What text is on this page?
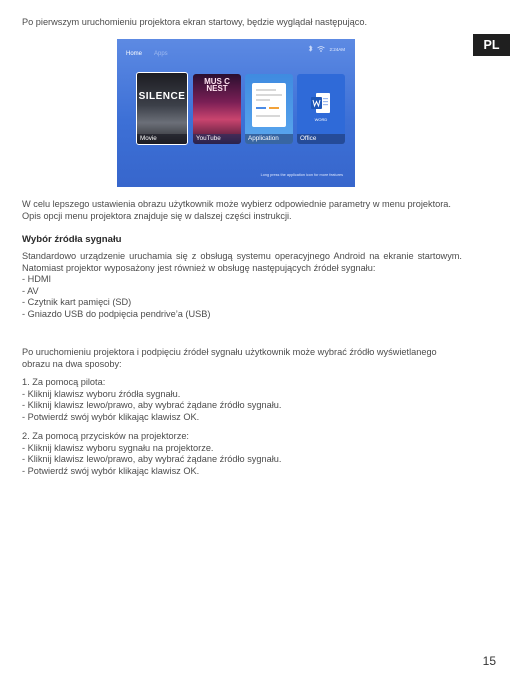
Po pierwszym uruchomieniu projektora ekran startowy, będzie wyglądał następująco.
PL
Home Apps
2:24AM
SILENCE
Movie
MUS C NEST
YouTube	Application
WORD
Office
Long press the application icon for more features
W celu lepszego ustawienia obrazu użytkownik może wybierz odpowiednie parametry w menu projektora. Opis opcji menu projektora znajduje się w dalszej części instrukcji.
Wybór źródła sygnału
Standardowo urządzenie uruchamia się z obsługą systemu operacyjnego Android na ekranie startowym. Natomiast projektor wyposażony jest również w obsługę następujących źródeł sygnału:
- HDMI
- AV
- Czytnik kart pamięci (SD)
- Gniazdo USB do podpięcia pendrive’a (USB)
Po uruchomieniu projektora i podpięciu źródeł sygnału użytkownik może wybrać źródło wyświetlanego obrazu na dwa sposoby:
1. Za pomocą pilota:
- Kliknij klawisz wyboru źródła sygnału.
- Kliknij klawisz lewo/prawo, aby wybrać żądane źródło sygnału.
- Potwierdź swój wybór klikając klawisz OK.
2. Za pomocą przycisków na projektorze:
- Kliknij klawisz wyboru sygnału na projektorze.
- Kliknij klawisz lewo/prawo, aby wybrać żądane źródło sygnału.
- Potwierdź swój wybór klikając klawisz OK.
15
